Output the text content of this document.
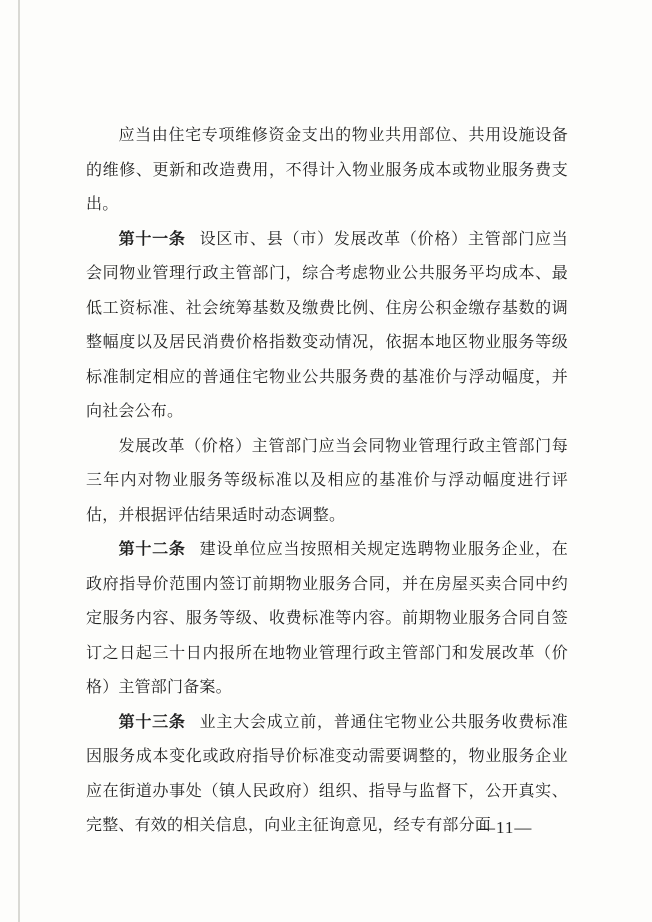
应当由住宅专项维修资金支出的物业共用部位、共用设施设备的维修、更新和改造费用，不得计入物业服务成本或物业服务费支出。

第十一条 设区市、县（市）发展改革（价格）主管部门应当会同物业管理行政主管部门，综合考虑物业公共服务平均成本、最低工资标准、社会统筹基数及缴费比例、住房公积金缴存基数的调整幅度以及居民消费价格指数变动情况，依据本地区物业服务等级标准制定相应的普通住宅物业公共服务费的基准价与浮动幅度，并向社会公布。

发展改革（价格）主管部门应当会同物业管理行政主管部门每三年内对物业服务等级标准以及相应的基准价与浮动幅度进行评估，并根据评估结果适时动态调整。

第十二条 建设单位应当按照相关规定选聘物业服务企业，在政府指导价范围内签订前期物业服务合同，并在房屋买卖合同中约定服务内容、服务等级、收费标准等内容。前期物业服务合同自签订之日起三十日内报所在地物业管理行政主管部门和发展改革（价格）主管部门备案。

第十三条 业主大会成立前，普通住宅物业公共服务收费标准因服务成本变化或政府指导价标准变动需要调整的，物业服务企业应在街道办事处（镇人民政府）组织、指导与监督下，公开真实、完整、有效的相关信息，向业主征询意见，经专有部分面

—11—
